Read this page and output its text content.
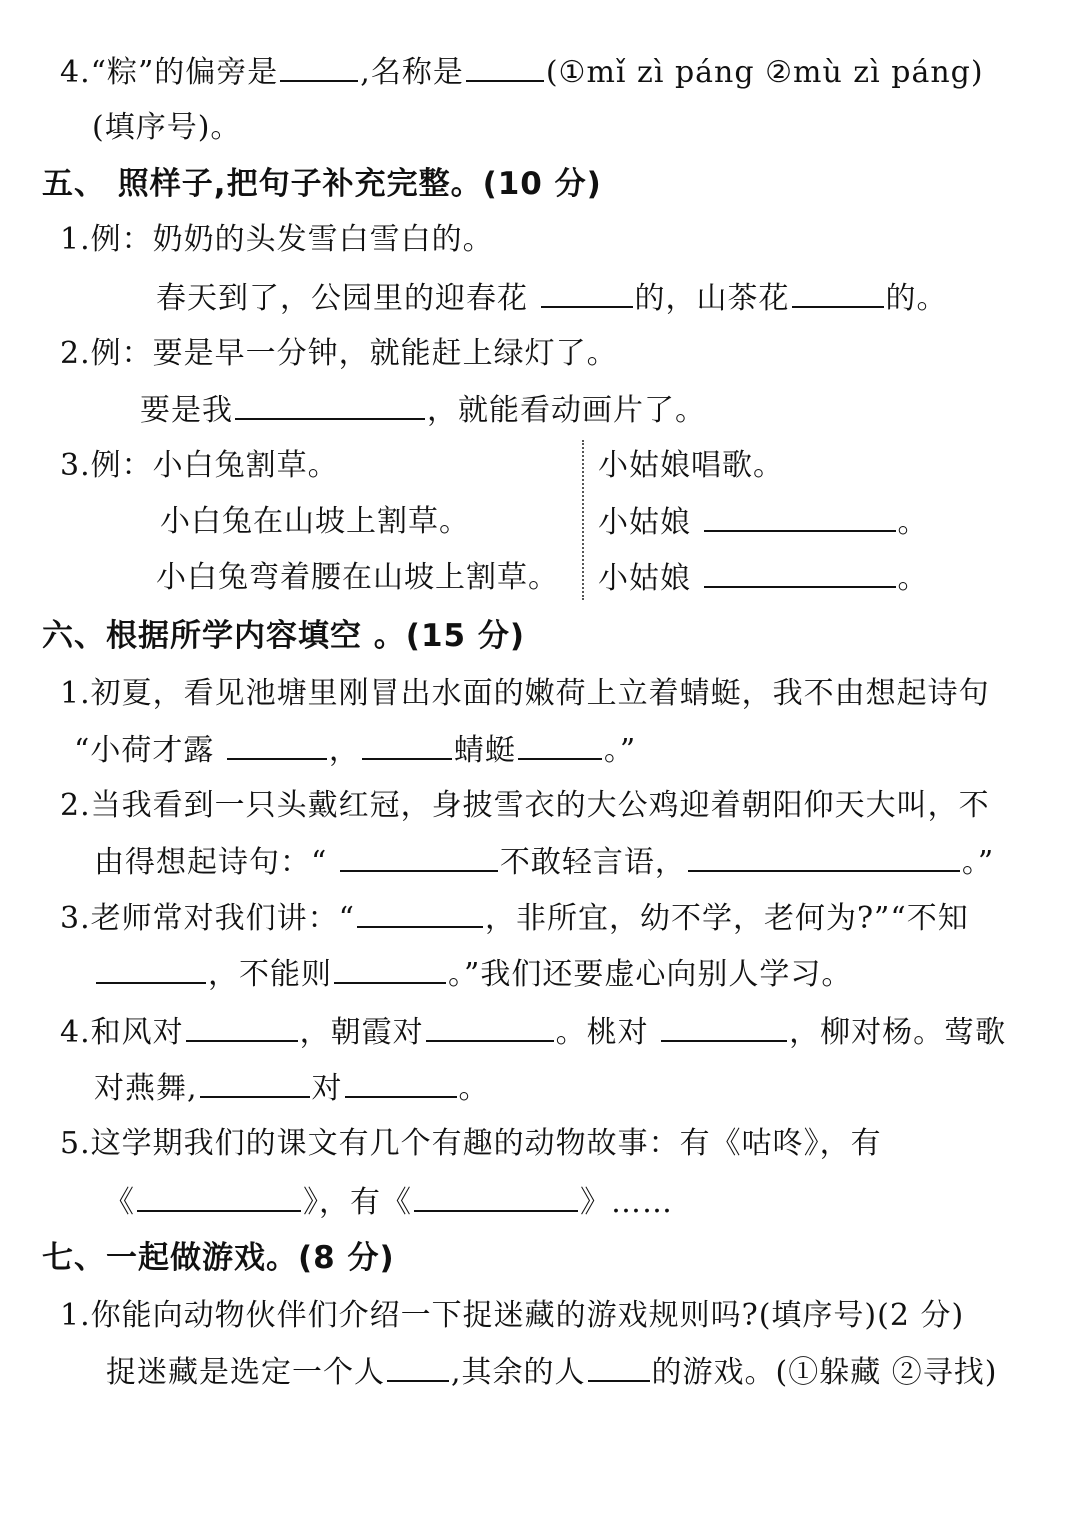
4.“粽”的偏旁是	,名称是	(①mǐ zì páng ②mù zì páng)
(填序号)。
五、 照样子,把句子补充完整。(10 分)
1.例：奶奶的头发雪白雪白的。
春天到了，公园里的迎春花	的，山茶花	的。
2.例：要是早一分钟，就能赶上绿灯了。
要是我	，就能看动画片了。
3.例：小白兔割草。
小白兔在山坡上割草。
小白兔弯着腰在山坡上割草。
小姑娘唱歌。
小姑娘	。
小姑娘	。
六、根据所学内容填空 。(15 分)
1.初夏，看见池塘里刚冒出水面的嫩荷上立着蜻蜓，我不由想起诗句
“小荷才露	，	蜻蜓	。”
2.当我看到一只头戴红冠，身披雪衣的大公鸡迎着朝阳仰天大叫，不
由得想起诗句：“	不敢轻言语，	。”
3.老师常对我们讲：“	，非所宜，幼不学，老何为?”“不知
，不能则	。”我们还要虚心向别人学习。
4.和风对	，朝霞对	。桃对	，柳对杨。莺歌
对燕舞,	对	。
5.这学期我们的课文有几个有趣的动物故事：有《咕咚》，有
《	》，有《	》……
七、一起做游戏。(8 分)
1.你能向动物伙伴们介绍一下捉迷藏的游戏规则吗?(填序号)(2 分)
捉迷藏是选定一个人 ,其余的人 的游戏。(①躲藏 ②寻找)
